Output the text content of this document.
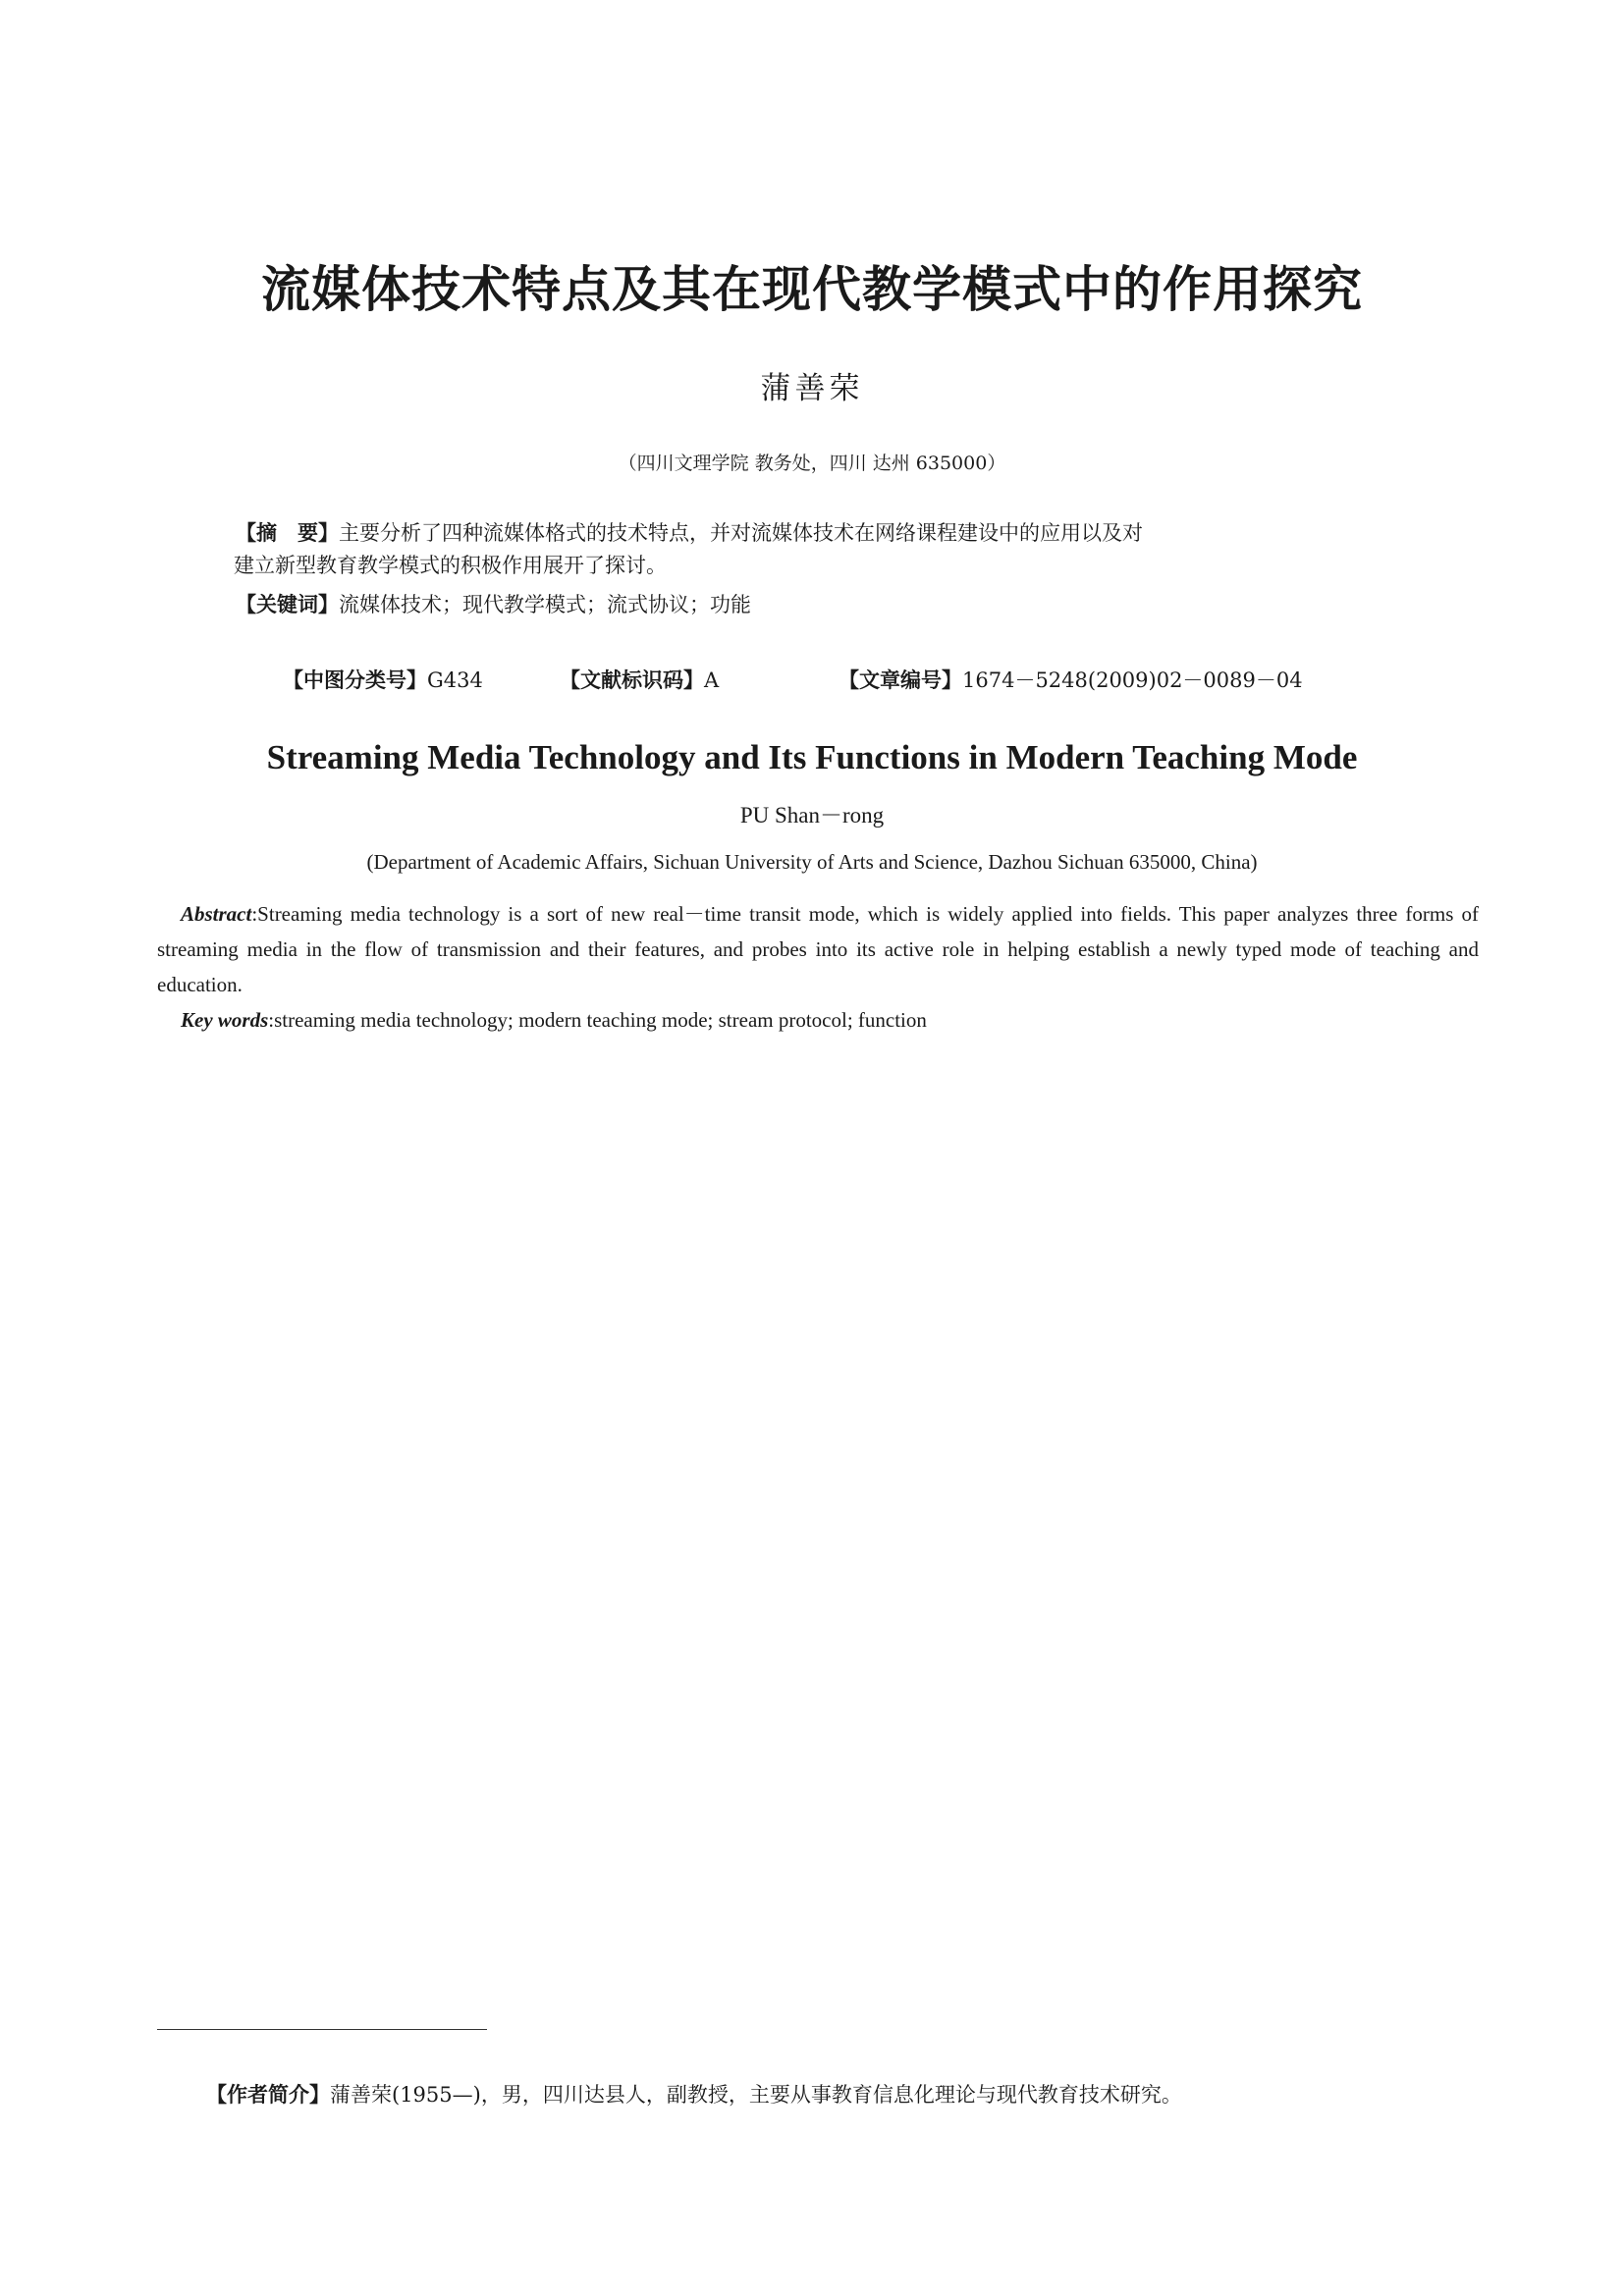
流媒体技术特点及其在现代教学模式中的作用探究
蒲善荣
（四川文理学院 教务处，四川 达州 635000）
【摘　要】主要分析了四种流媒体格式的技术特点，并对流媒体技术在网络课程建设中的应用以及对
建立新型教育教学模式的积极作用展开了探讨。
【关键词】流媒体技术；现代教学模式；流式协议；功能
【中图分类号】G434	【文献标识码】A	【文章编号】1674－5248(2009)02－0089－04
Streaming Media Technology and Its Functions in Modern Teaching Mode
PU Shan－rong
(Department of Academic Affairs, Sichuan University of Arts and Science, Dazhou Sichuan 635000, China)
Abstract:Streaming media technology is a sort of new real－time transit mode, which is widely applied into fields. This paper analyzes three forms of streaming media in the flow of transmission and their features, and probes into its active role in helping establish a newly typed mode of teaching and education.
Key words:streaming media technology; modern teaching mode; stream protocol; function
【作者简介】蒲善荣(1955—)，男，四川达县人，副教授，主要从事教育信息化理论与现代教育技术研究。
